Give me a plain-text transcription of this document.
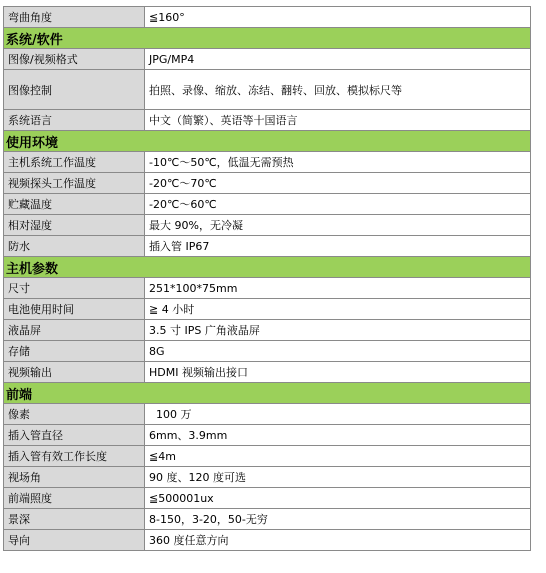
弯曲角度	≦160°
系统/软件	
图像/视频格式	JPG/MP4
图像控制	拍照、录像、缩放、冻结、翻转、回放、模拟标尺等
系统语言	中文（简繁）、英语等十国语言
使用环境	
主机系统工作温度	-10℃～50℃，低温无需预热
视频探头工作温度	-20℃～70℃
贮藏温度	-20℃～60℃
相对湿度	最大 90%，无冷凝
防水	插入管 IP67
主机参数	
尺寸	251*100*75mm
电池使用时间	≧ 4 小时
液晶屏	3.5 寸 IPS 广角液晶屏
存储	8G
视频输出	HDMI 视频输出接口
前端	
像素	100 万
插入管直径	6mm、3.9mm
插入管有效工作长度	≦4m
视场角	90 度、120 度可选
前端照度	≦500001ux
景深	8-150，3-20，50-无穷
导向	360 度任意方向
